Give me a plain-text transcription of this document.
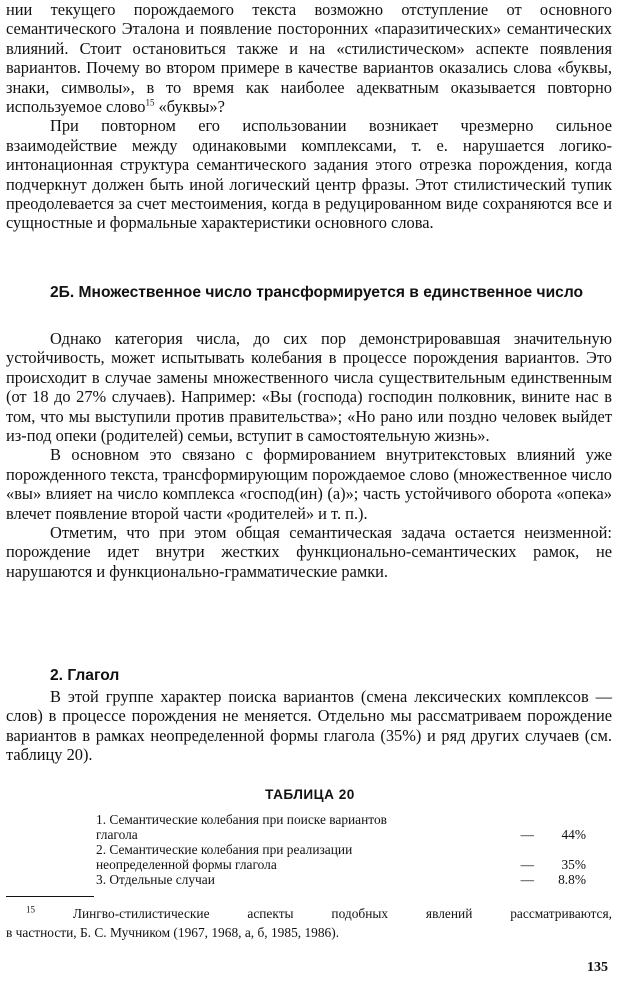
нии текущего порождаемого текста возможно отступление от основного семантического Эталона и появление посторонних «паразитических» семантических влияний. Стоит остановиться также и на «стилистическом» аспекте появления вариантов. Почему во втором примере в качестве вариантов оказались слова «буквы, знаки, символы», в то время как наиболее адекватным оказывается повторно используемое слово$^{15}$ «буквы»?

При повторном его использовании возникает чрезмерно сильное взаимодействие между одинаковыми комплексами, т. е. нарушается логико-интонационная структура семантического задания этого отрезка порождения, когда подчеркнут должен быть иной логический центр фразы. Этот стилистический тупик преодолевается за счет местоимения, когда в редуцированном виде сохраняются все и сущностные и формальные характеристики основного слова.

2Б. Множественное число трансформируется в единственное число

Однако категория числа, до сих пор демонстрировавшая значительную устойчивость, может испытывать колебания в процессе порождения вариантов. Это происходит в случае замены множественного числа существительным единственным (от 18 до 27% случаев). Например: «Вы (господа) господин полковник, вините нас в том, что мы выступили против правительства»; «Но рано или поздно человек выйдет из-под опеки (родителей) семьи, вступит в самостоятельную жизнь».

В основном это связано с формированием внутритекстовых влияний уже порожденного текста, трансформирующим порождаемое слово (множественное число «вы» влияет на число комплекса «господ(ин) (а)»; часть устойчивого оборота «опека» влечет появление второй части «родителей» и т. п.).

Отметим, что при этом общая семантическая задача остается неизменной: порождение идет внутри жестких функционально-семантических рамок, не нарушаются и функционально-грамматические рамки.

2. Глагол

В этой группе характер поиска вариантов (смена лексических комплексов — слов) в процессе порождения не меняется. Отдельно мы рассматриваем порождение вариантов в рамках неопределенной формы глагола (35%) и ряд других случаев (см. таблицу 20).

ТАБЛИЦА 20
1. Семантические колебания при поиске вариантов глагола	— 44%
2. Семантические колебания при реализации неопределенной формы глагола	— 35%
3. Отдельные случаи	— 8.8%
$^{15}$	Лингво-стилистические аспекты подобных явлений рассматриваются,
в частности, Б. С. Мучником (1967, 1968, а, б, 1985, 1986).
135
